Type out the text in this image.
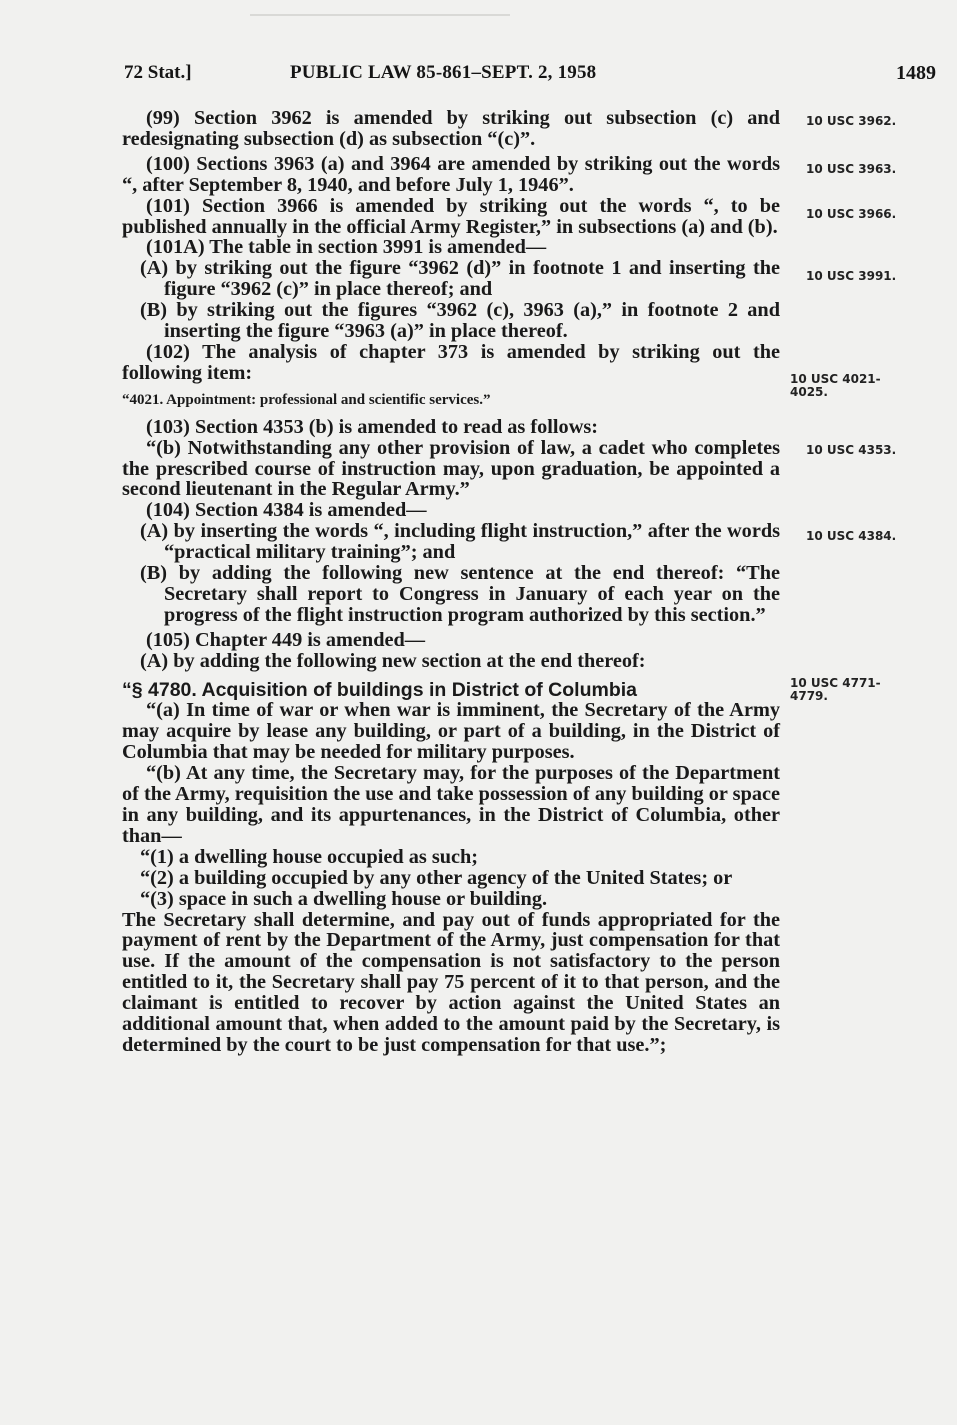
72 Stat.]	PUBLIC LAW 85-861–SEPT. 2, 1958	1489

(99) Section 3962 is amended by striking out subsection (c) and redesignating subsection (d) as subsection “(c)”.

(100) Sections 3963 (a) and 3964 are amended by striking out the words “, after September 8, 1940, and before July 1, 1946”.

(101) Section 3966 is amended by striking out the words “, to be published annually in the official Army Register,” in subsections (a) and (b).

(101A) The table in section 3991 is amended—

(A) by striking out the figure “3962 (d)” in footnote 1 and inserting the figure “3962 (c)” in place thereof; and

(B) by striking out the figures “3962 (c), 3963 (a),” in footnote 2 and inserting the figure “3963 (a)” in place thereof.

(102) The analysis of chapter 373 is amended by striking out the following item:

“4021. Appointment: professional and scientific services.”

(103) Section 4353 (b) is amended to read as follows:

“(b) Notwithstanding any other provision of law, a cadet who completes the prescribed course of instruction may, upon graduation, be appointed a second lieutenant in the Regular Army.”

(104) Section 4384 is amended—

(A) by inserting the words “, including flight instruction,” after the words “practical military training”; and

(B) by adding the following new sentence at the end thereof: “The Secretary shall report to Congress in January of each year on the progress of the flight instruction program authorized by this section.”

(105) Chapter 449 is amended—

(A) by adding the following new section at the end thereof:

“§ 4780. Acquisition of buildings in District of Columbia

“(a) In time of war or when war is imminent, the Secretary of the Army may acquire by lease any building, or part of a building, in the District of Columbia that may be needed for military purposes.

“(b) At any time, the Secretary may, for the purposes of the Department of the Army, requisition the use and take possession of any building or space in any building, and its appurtenances, in the District of Columbia, other than—

“(1) a dwelling house occupied as such;

“(2) a building occupied by any other agency of the United States; or

“(3) space in such a dwelling house or building.

The Secretary shall determine, and pay out of funds appropriated for the payment of rent by the Department of the Army, just compensation for that use. If the amount of the compensation is not satisfactory to the person entitled to it, the Secretary shall pay 75 percent of it to that person, and the claimant is entitled to recover by action against the United States an additional amount that, when added to the amount paid by the Secretary, is determined by the court to be just compensation for that use.”;

10 USC 3962.
10 USC 3963.
10 USC 3966.
10 USC 3991.
10 USC 4021-4025.
10 USC 4353.
10 USC 4384.
10 USC 4771-4779.
